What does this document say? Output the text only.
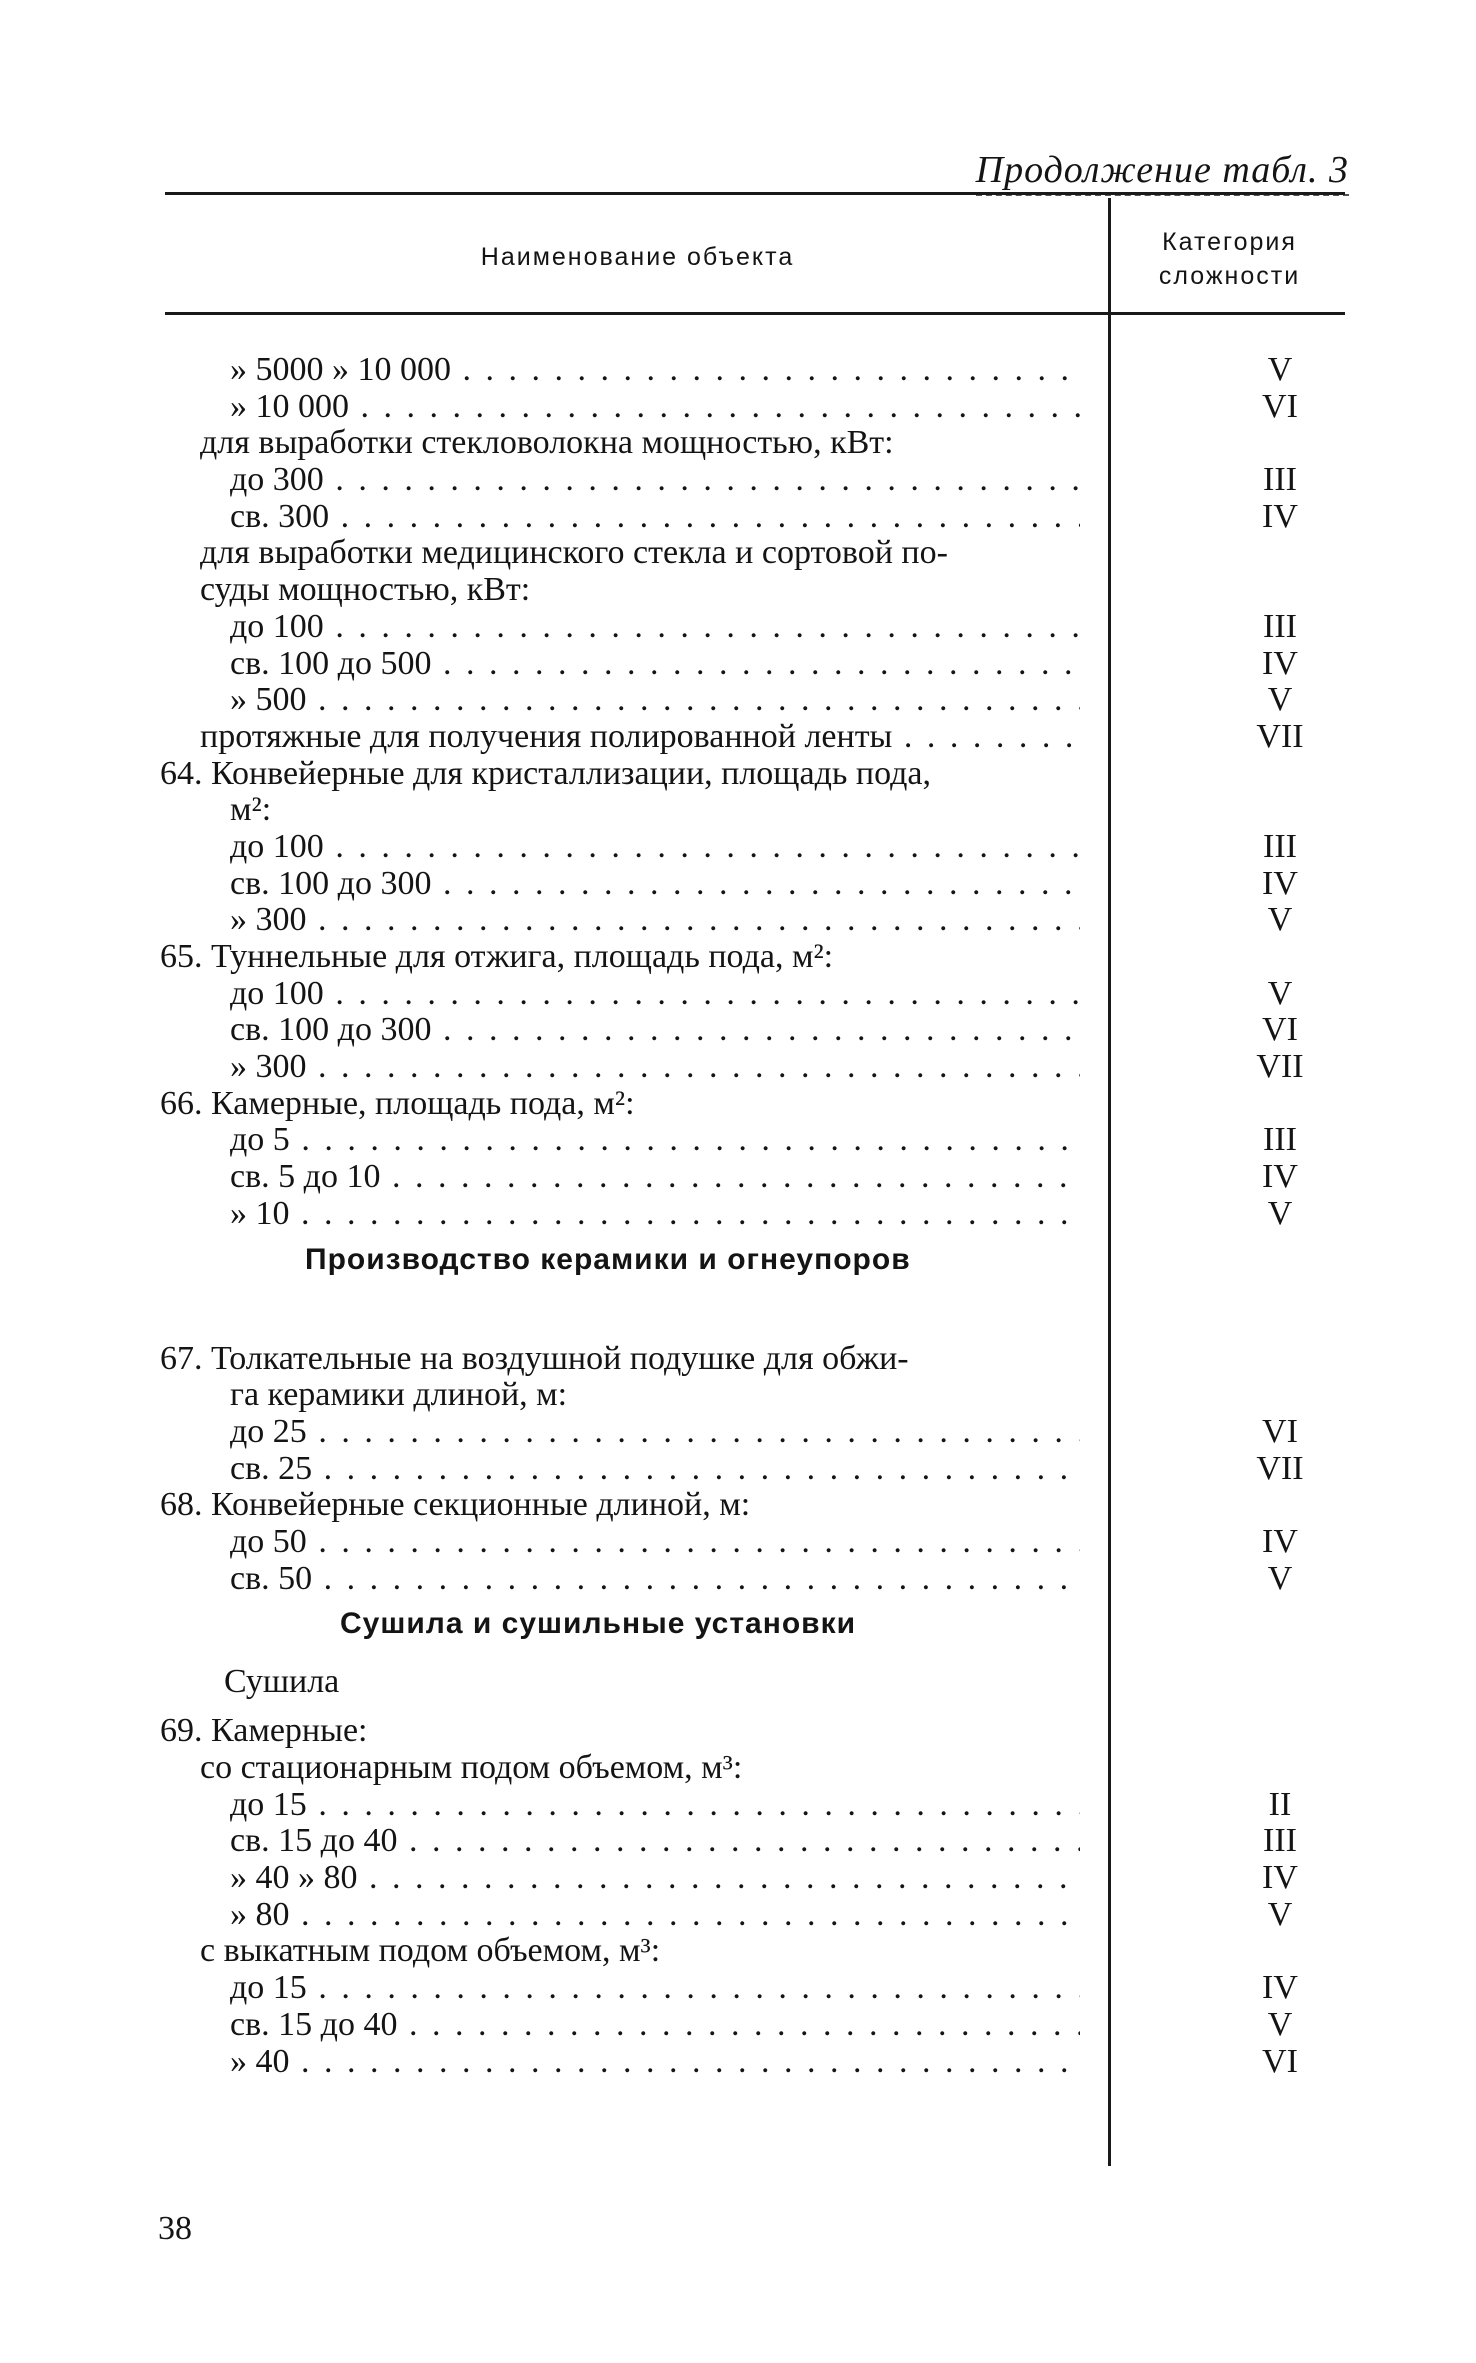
Продолжение табл. 3
Наименование объекта
Категория
сложности
» 5000 » 10 000 . . .	V
» 10 000 . . .	VI
для выработки стекловолокна мощностью, кВт:
до 300 . . .	III
св. 300 . . .	IV
для выработки медицинского стекла и сортовой по-
суды мощностью, кВт:
до 100 . . .	III
св. 100 до 500 . . .	IV
» 500 . . .	V
протяжные для получения полированной ленты . . .	VII
64. Конвейерные для кристаллизации, площадь пода,
м²:
до 100 . . .	III
св. 100 до 300 . . .	IV
» 300 . . .	V
65. Туннельные для отжига, площадь пода, м²:
до 100 . . .	V
св. 100 до 300 . . .	VI
» 300 . . .	VII
66. Камерные, площадь пода, м²:
до 5 . . .	III
св. 5 до 10 . . .	IV
» 10 . . .	V
Производство керамики и огнеупоров
67. Толкательные на воздушной подушке для обжи-
га керамики длиной, м:
до 25 . . .	VI
св. 25 . . .	VII
68. Конвейерные секционные длиной, м:
до 50 . . .	IV
св. 50 . . .	V
Сушила и сушильные установки
Сушила
69. Камерные:
со стационарным подом объемом, м³:
до 15 . . .	II
св. 15 до 40 . . .	III
» 40 » 80 . . .	IV
» 80 . . .	V
с выкатным подом объемом, м³:
до 15 . . .	IV
св. 15 до 40 . . .	V
» 40 . . .	VI
38
